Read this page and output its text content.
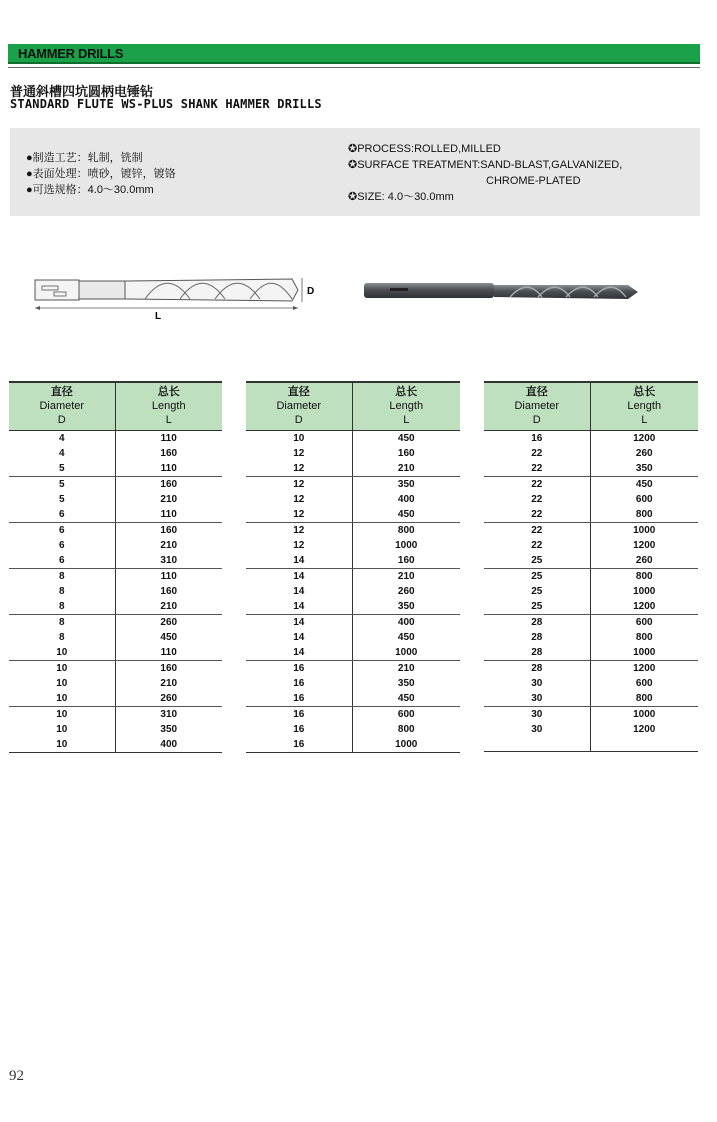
HAMMER DRILLS
普通斜槽四坑圆柄电锤钻
STANDARD FLUTE WS-PLUS SHANK HAMMER DRILLS
●制造工艺：轧制，铣制
●表面处理：喷砂，镀锌，镀铬
●可选规格：4.0～30.0mm
✪PROCESS:ROLLED,MILLED
✪SURFACE TREATMENT:SAND-BLAST,GALVANIZED,
CHROME-PLATED
✪SIZE: 4.0～30.0mm
D
L
直径
Diameter
D	总长
Length
L
4	110
4	160
5	110
5	160
5	210
6	110
6	160
6	210
6	310
8	110
8	160
8	210
8	260
8	450
10	110
10	160
10	210
10	260
10	310
10	350
10	400
直径
Diameter
D	总长
Length
L
10	450
12	160
12	210
12	350
12	400
12	450
12	800
12	1000
14	160
14	210
14	260
14	350
14	400
14	450
14	1000
16	210
16	350
16	450
16	600
16	800
16	1000
直径
Diameter
D	总长
Length
L
16	1200
22	260
22	350
22	450
22	600
22	800
22	1000
22	1200
25	260
25	800
25	1000
25	1200
28	600
28	800
28	1000
28	1200
30	600
30	800
30	1000
30	1200

92
